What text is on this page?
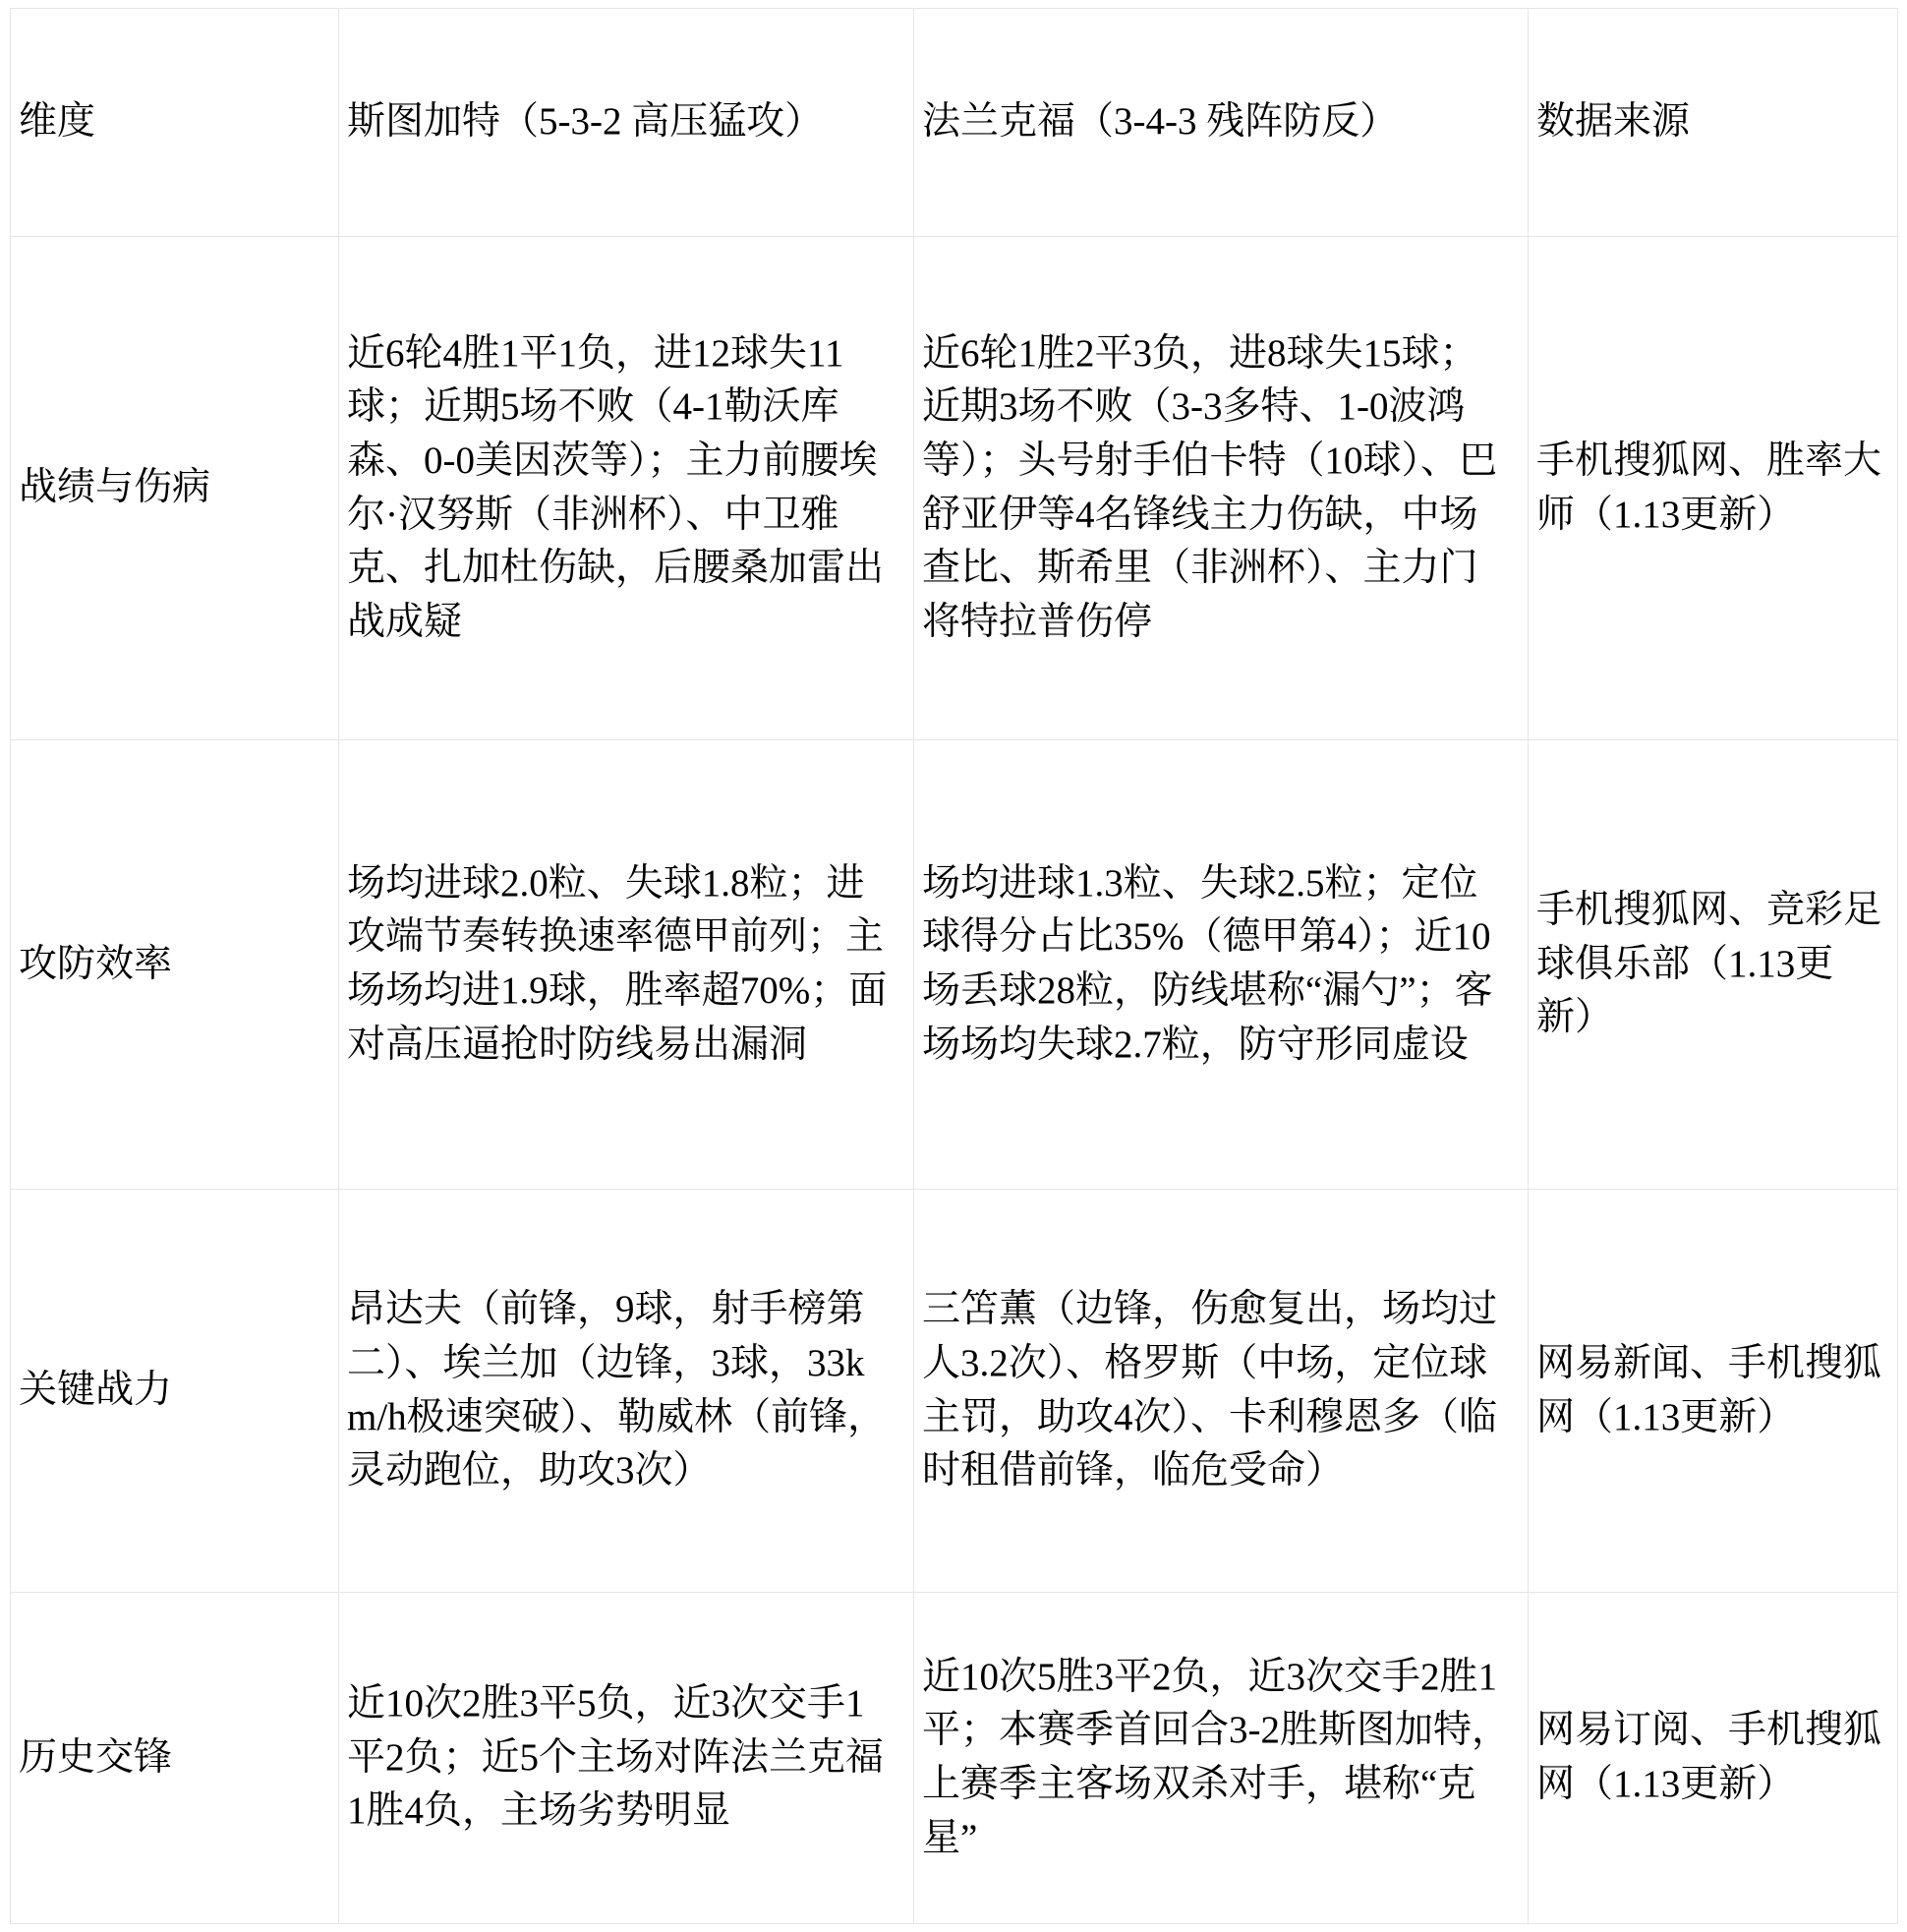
维度	斯图加特（5-3-2 高压猛攻）	法兰克福（3-4-3 残阵防反）	数据来源
战绩与伤病	近6轮4胜1平1负，进12球失11球；近期5场不败（4-1勒沃库森、0-0美因茨等）；主力前腰埃尔·汉努斯（非洲杯）、中卫雅克、扎加杜伤缺，后腰桑加雷出战成疑	近6轮1胜2平3负，进8球失15球；近期3场不败（3-3多特、1-0波鸿等）；头号射手伯卡特（10球）、巴舒亚伊等4名锋线主力伤缺，中场查比、斯希里（非洲杯）、主力门将特拉普伤停	手机搜狐网、胜率大师（1.13更新）
攻防效率	场均进球2.0粒、失球1.8粒；进攻端节奏转换速率德甲前列；主场场均进1.9球，胜率超70%；面对高压逼抢时防线易出漏洞	场均进球1.3粒、失球2.5粒；定位球得分占比35%（德甲第4）；近10场丢球28粒，防线堪称“漏勺”；客场场均失球2.7粒，防守形同虚设	手机搜狐网、竞彩足球俱乐部（1.13更新）
关键战力	昂达夫（前锋，9球，射手榜第二）、埃兰加（边锋，3球，33km/h极速突破）、勒威林（前锋，灵动跑位，助攻3次）	三笘薫（边锋，伤愈复出，场均过人3.2次）、格罗斯（中场，定位球主罚，助攻4次）、卡利穆恩多（临时租借前锋，临危受命）	网易新闻、手机搜狐网（1.13更新）
历史交锋	近10次2胜3平5负，近3次交手1平2负；近5个主场对阵法兰克福1胜4负，主场劣势明显	近10次5胜3平2负，近3次交手2胜1平；本赛季首回合3-2胜斯图加特，上赛季主客场双杀对手，堪称“克星”	网易订阅、手机搜狐网（1.13更新）
